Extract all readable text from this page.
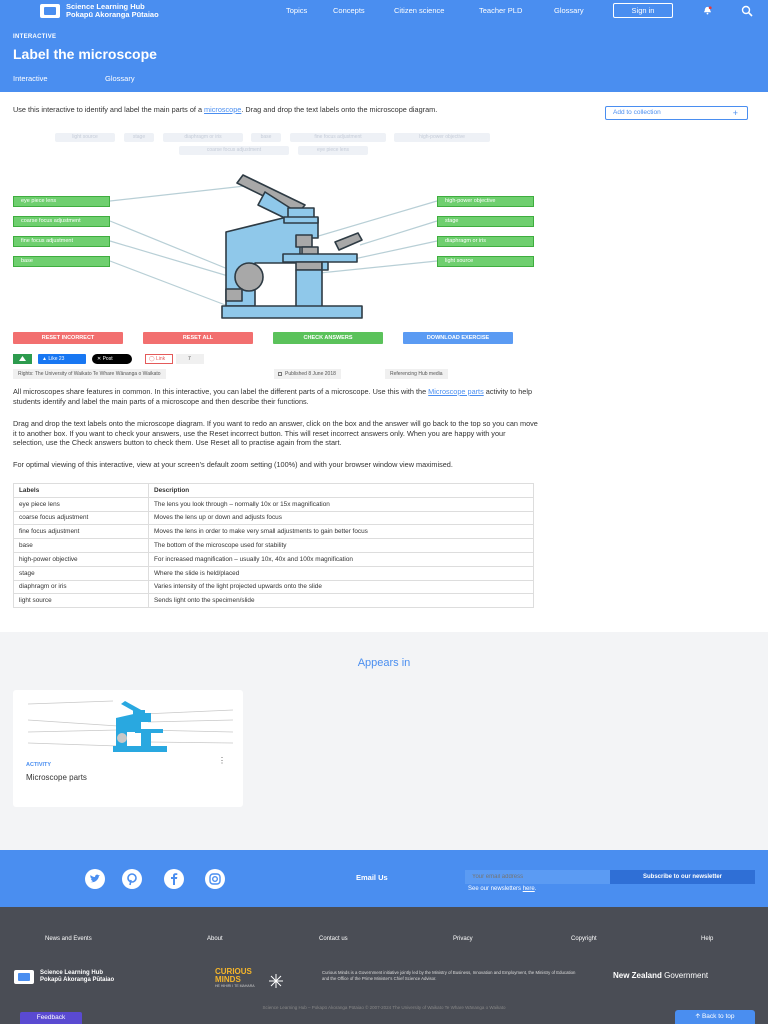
Science Learning Hub
Pokapū Akoranga Pūtaiao	Topics	Concepts	Citizen science	Teacher PLD	Glossary	Sign in
INTERACTIVE
Label the microscope
Interactive	Glossary
Use this interactive to identify and label the main parts of a microscope. Drag and drop the text labels onto the microscope diagram.	Add to collection	+
light source	stage	diaphragm or iris	base	fine focus adjustment	high-power objective
coarse focus adjustment	eye piece lens
eye piece lens
coarse focus adjustment
fine focus adjustment
base
high-power objective
stage
diaphragm or iris
light source
RESET INCORRECT	RESET ALL	CHECK ANSWERS	DOWNLOAD EXERCISE
▲ Like 23	✕ Post	◯ Link	7
Rights: The University of Waikato Te Whare Wānanga o Waikato	Published 8 June 2018	Referencing Hub media
All microscopes share features in common. In this interactive, you can label the different parts of a microscope. Use this with the Microscope parts activity to help students identify and label the main parts of a microscope and then describe their functions.
Drag and drop the text labels onto the microscope diagram. If you want to redo an answer, click on the box and the answer will go back to the top so you can move it to another box. If you want to check your answers, use the Reset incorrect button. This will reset incorrect answers only. When you are happy with your selection, use the Check answers button to check them. Use Reset all to practise again from the start.
For optimal viewing of this interactive, view at your screen’s default zoom setting (100%) and with your browser window view maximised.
Labels	Description
eye piece lens	The lens you look through – normally 10x or 15x magnification
coarse focus adjustment	Moves the lens up or down and adjusts focus
fine focus adjustment	Moves the lens in order to make very small adjustments to gain better focus
base	The bottom of the microscope used for stability
high-power objective	For increased magnification – usually 10x, 40x and 100x magnification
stage	Where the slide is held/placed
diaphragm or iris	Varies intensity of the light projected upwards onto the slide
light source	Sends light onto the specimen/slide
Appears in
ACTIVITY
Microscope parts
⋮
Email Us
Your email address	Subscribe to our newsletter
See our newsletters here.
News and Events	About	Contact us	Privacy	Copyright	Help
Science Learning Hub
Pokapū Akoranga Pūtaiao
CURIOUS
MINDS
HE HIHIRI I TE MAHARA
Curious Minds is a Government initiative jointly led by the Ministry of Business, Innovation and Employment, the Ministry of Education and the Office of the Prime Minister’s Chief Science Advisor.	New Zealand Government
Science Learning Hub – Pokapū Akoranga Pūtaiao © 2007-2024 The University of Waikato Te Whare Wānanga o Waikato
Feedback	🡩 Back to top
